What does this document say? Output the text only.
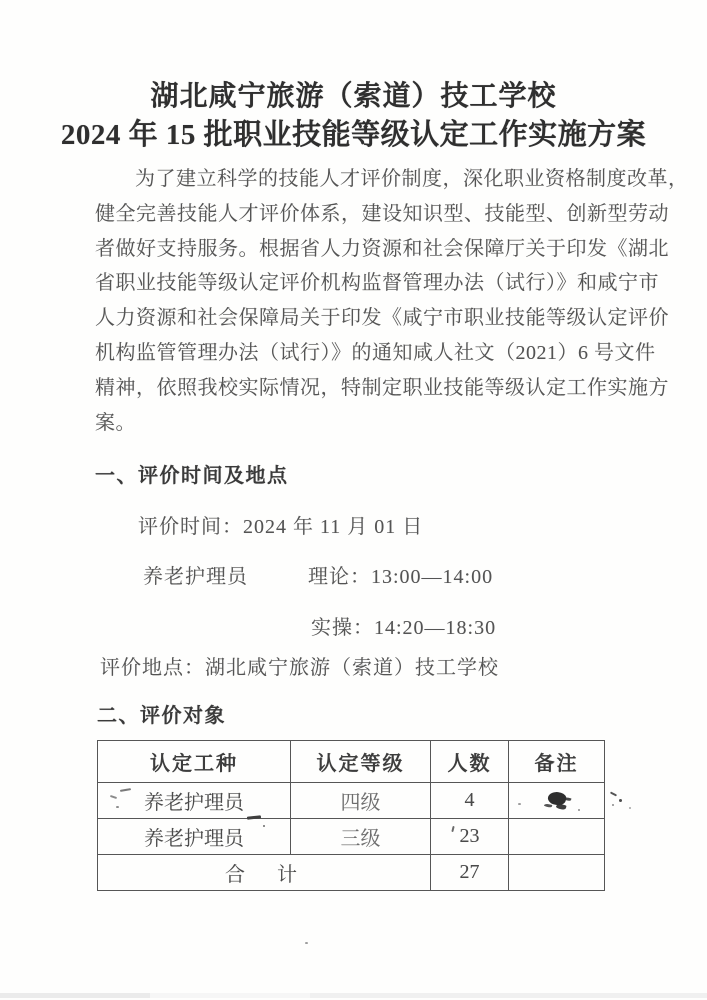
湖北咸宁旅游（索道）技工学校
2024 年 15 批职业技能等级认定工作实施方案
为了建立科学的技能人才评价制度，深化职业资格制度改革，
健全完善技能人才评价体系，建设知识型、技能型、创新型劳动
者做好支持服务。根据省人力资源和社会保障厅关于印发《湖北
省职业技能等级认定评价机构监督管理办法（试行）》和咸宁市
人力资源和社会保障局关于印发《咸宁市职业技能等级认定评价
机构监管管理办法（试行）》的通知咸人社文（2021）6 号文件
精神，依照我校实际情况，特制定职业技能等级认定工作实施方
案。
一、评价时间及地点
评价时间：2024 年 11 月 01 日
养老护理员	理论：13:00—14:00
实操：14:20—18:30
评价地点：湖北咸宁旅游（索道）技工学校
二、评价对象
认定工种	认定等级	人数	备注
养老护理员	四级	4	
养老护理员	三级	23	
合　计		27	
